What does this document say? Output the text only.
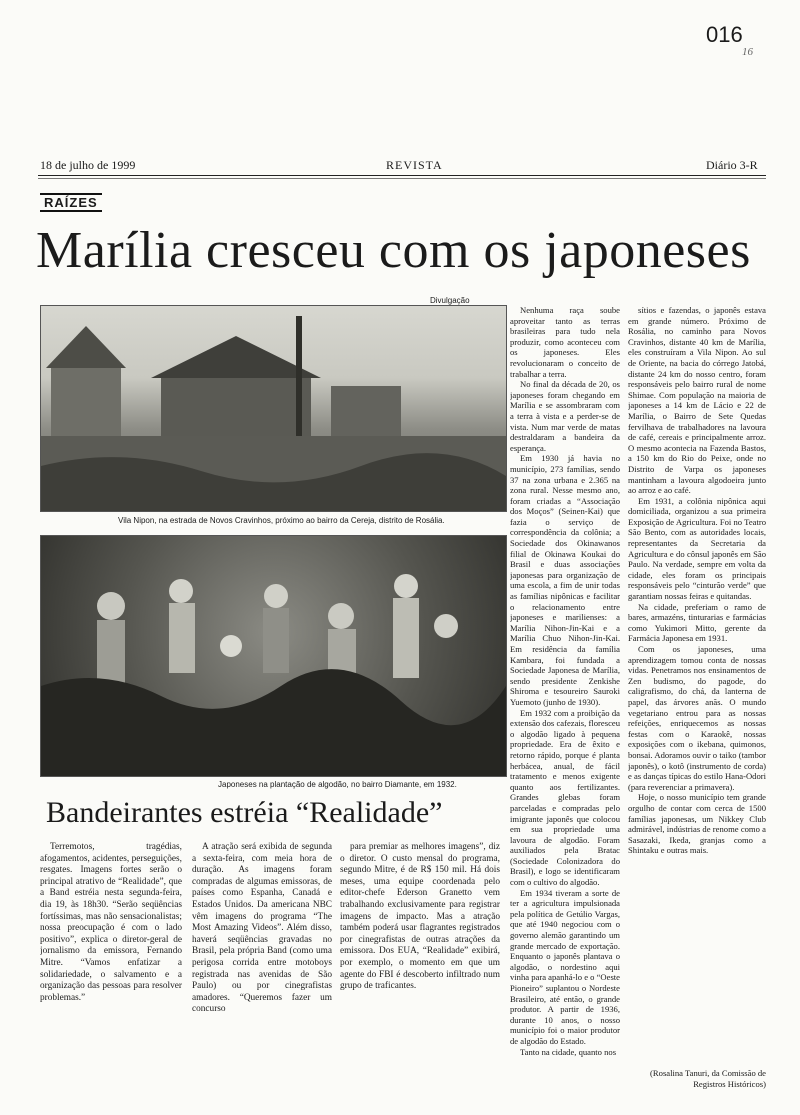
016
16
18 de julho de 1999	REVISTA	Diário 3-R
RAÍZES
Marília cresceu com os japoneses
Divulgação
Vila Nipon, na estrada de Novos Cravinhos, próximo ao bairro da Cereja, distrito de Rosália.
Japoneses na plantação de algodão, no bairro Diamante, em 1932.
Bandeirantes estréia “Realidade”

Terremotos, tragédias, afogamentos, acidentes, perseguições, resgates. Imagens fortes serão o principal atrativo de “Realidade”, que a Band estréia nesta segunda-feira, dia 19, às 18h30. “Serão seqüências fortíssimas, mas não sensacionalistas; nossa preocupação é com o lado positivo”, explica o diretor-geral de jornalismo da emissora, Fernando Mitre. “Vamos enfatizar a solidariedade, o salvamento e a organização das pessoas para resolver problemas.”

A atração será exibida de segunda a sexta-feira, com meia hora de duração. As imagens foram compradas de algumas emissoras, de países como Espanha, Canadá e Estados Unidos. Da americana NBC vêm imagens do programa “The Most Amazing Videos”. Além disso, haverá seqüências gravadas no Brasil, pela própria Band (como uma perigosa corrida entre motoboys registrada nas avenidas de São Paulo) ou por cinegrafistas amadores. “Queremos fazer um concurso

para premiar as melhores imagens”, diz o diretor. O custo mensal do programa, segundo Mitre, é de R$ 150 mil. Há dois meses, uma equipe coordenada pelo editor-chefe Ederson Granetto vem trabalhando exclusivamente para registrar imagens de impacto. Mas a atração também poderá usar flagrantes registrados por cinegrafistas de outras atrações da emissora. Dos EUA, “Realidade” exibirá, por exemplo, o momento em que um agente do FBI é descoberto infiltrado num grupo de traficantes.

Nenhuma raça soube aproveitar tanto as terras brasileiras para tudo nela produzir, como aconteceu com os japoneses. Eles revolucionaram o conceito de trabalhar a terra.

No final da década de 20, os japoneses foram chegando em Marília e se assombraram com a terra à vista e a perder-se de vista. Num mar verde de matas destraldaram a bandeira da esperança.

Em 1930 já havia no município, 273 famílias, sendo 37 na zona urbana e 2.365 na zona rural. Nesse mesmo ano, foram criadas a “Associação dos Moços” (Seinen-Kai) que fazia o serviço de correspondência da colônia; a Sociedade dos Okinawanos filial de Okinawa Koukai do Brasil e duas associações japonesas para organização de uma escola, a fim de unir todas as famílias nipônicas e facilitar o relacionamento entre japoneses e marilienses: a Marília Nihon-Jin-Kai e a Marília Chuo Nihon-Jin-Kai. Em residência da família Kambara, foi fundada a Sociedade Japonesa de Marília, sendo presidente Zenkishe Shiroma e tesoureiro Sauroki Yuemoto (junho de 1930).

Em 1932 com a proibição da extensão dos cafezais, floresceu o algodão ligado à pequena propriedade. Era de êxito e retorno rápido, porque é planta herbácea, anual, de fácil tratamento e menos exigente quanto aos fertilizantes. Grandes glebas foram parceladas e compradas pelo imigrante japonês que colocou em sua propriedade uma lavoura de algodão. Foram auxiliados pela Bratac (Sociedade Colonizadora do Brasil), e logo se identificaram com o cultivo do algodão.

Em 1934 tiveram a sorte de ter a agricultura impulsionada pela política de Getúlio Vargas, que até 1940 negociou com o governo alemão garantindo um grande mercado de exportação. Enquanto o japonês plantava o algodão, o nordestino aqui vinha para apanhá-lo e o “Oeste Pioneiro” suplantou o Nordeste Brasileiro, até então, o grande produtor. A partir de 1936, durante 10 anos, o nosso município foi o maior produtor de algodão do Estado.

Tanto na cidade, quanto nos

sítios e fazendas, o japonês estava em grande número. Próximo de Rosália, no caminho para Novos Cravinhos, distante 40 km de Marília, eles construíram a Vila Nipon. Ao sul de Oriente, na bacia do córrego Jatobá, distante 24 km do nosso centro, foram responsáveis pelo bairro rural de nome Shimae. Com população na maioria de japoneses a 14 km de Lácio e 22 de Marília, o Bairro de Sete Quedas fervilhava de trabalhadores na lavoura de café, cereais e principalmente arroz. O mesmo acontecia na Fazenda Bastos, a 150 km do Rio do Peixe, onde no Distrito de Varpa os japoneses mantinham a lavoura algodoeira junto ao arroz e ao café.

Em 1931, a colônia nipônica aqui domiciliada, organizou a sua primeira Exposição de Agricultura. Foi no Teatro São Bento, com as autoridades locais, representantes da Secretaria da Agricultura e do cônsul japonês em São Paulo. Na verdade, sempre em volta da cidade, eles foram os principais responsáveis pelo “cinturão verde” que garantiam nossas feiras e quitandas.

Na cidade, preferiam o ramo de bares, armazéns, tinturarias e farmácias como Yukimori Mitto, gerente da Farmácia Japonesa em 1931.

Com os japoneses, uma aprendizagem tomou conta de nossas vidas. Penetramos nos ensinamentos de Zen budismo, do pagode, do caligrafismo, do chá, da lanterna de papel, das árvores anãs. O mundo vegetariano entrou para as nossas refeições, enriquecemos as nossas festas com o Karaokê, nossas exposições com o ikebana, quimonos, bonsai. Adoramos ouvir o taiko (tambor japonês), o kotô (instrumento de corda) e as danças típicas do estilo Hana-Odori (para reverenciar a primavera).

Hoje, o nosso município tem grande orgulho de contar com cerca de 1500 famílias japonesas, um Nikkey Club admirável, indústrias de renome como a Sasazaki, Ikeda, granjas como a Shintaku e outras mais.

(Rosalina Tanuri, da Comissão de Registros Históricos)
